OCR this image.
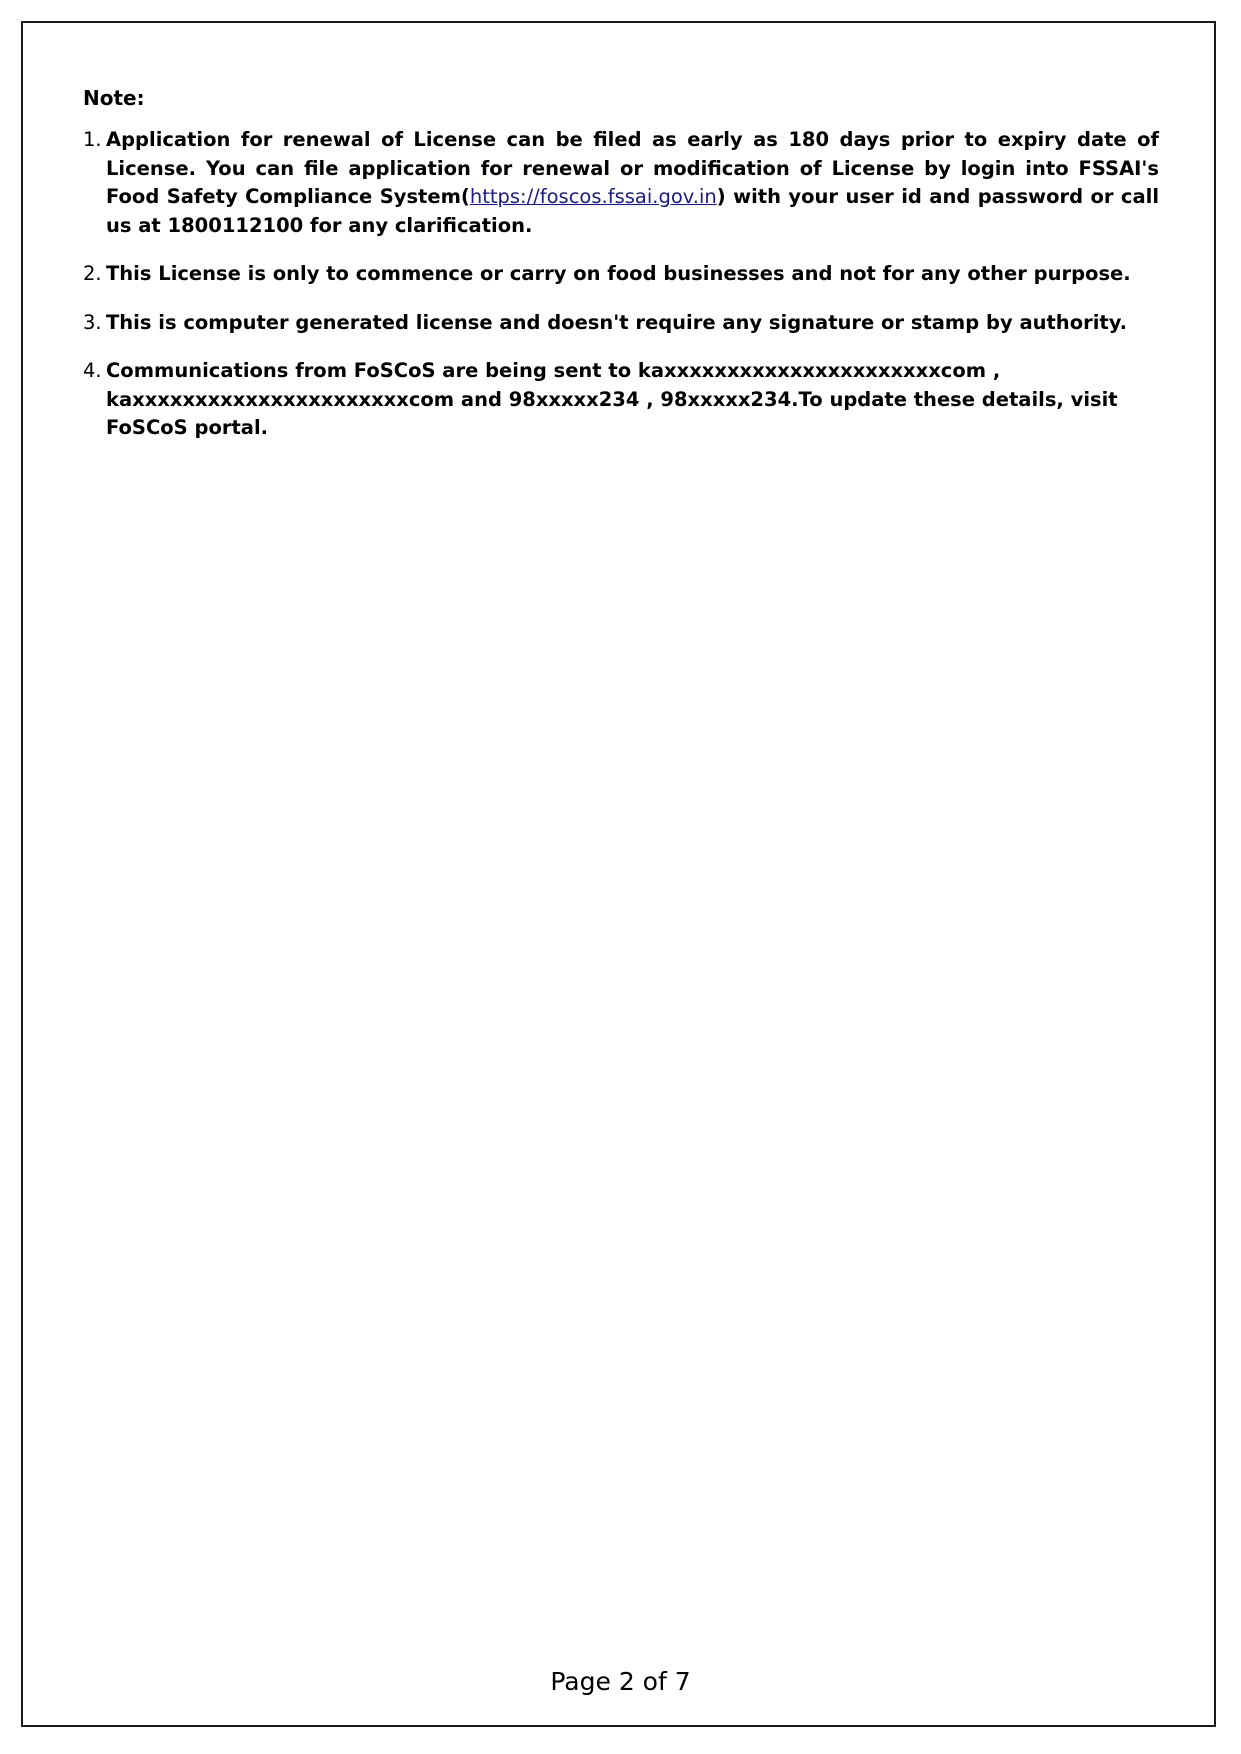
Note:
1. Application for renewal of License can be filed as early as 180 days prior to expiry date of License. You can file application for renewal or modification of License by login into FSSAI's Food Safety Compliance System(https://foscos.fssai.gov.in) with your user id and password or call us at 1800112100 for any clarification.
2. This License is only to commence or carry on food businesses and not for any other purpose.
3. This is computer generated license and doesn't require any signature or stamp by authority.
4. Communications from FoSCoS are being sent to kaxxxxxxxxxxxxxxxxxxxxxxcom ,
kaxxxxxxxxxxxxxxxxxxxxxxcom and 98xxxxx234 , 98xxxxx234.To update these details, visit FoSCoS portal.
Page 2 of 7
